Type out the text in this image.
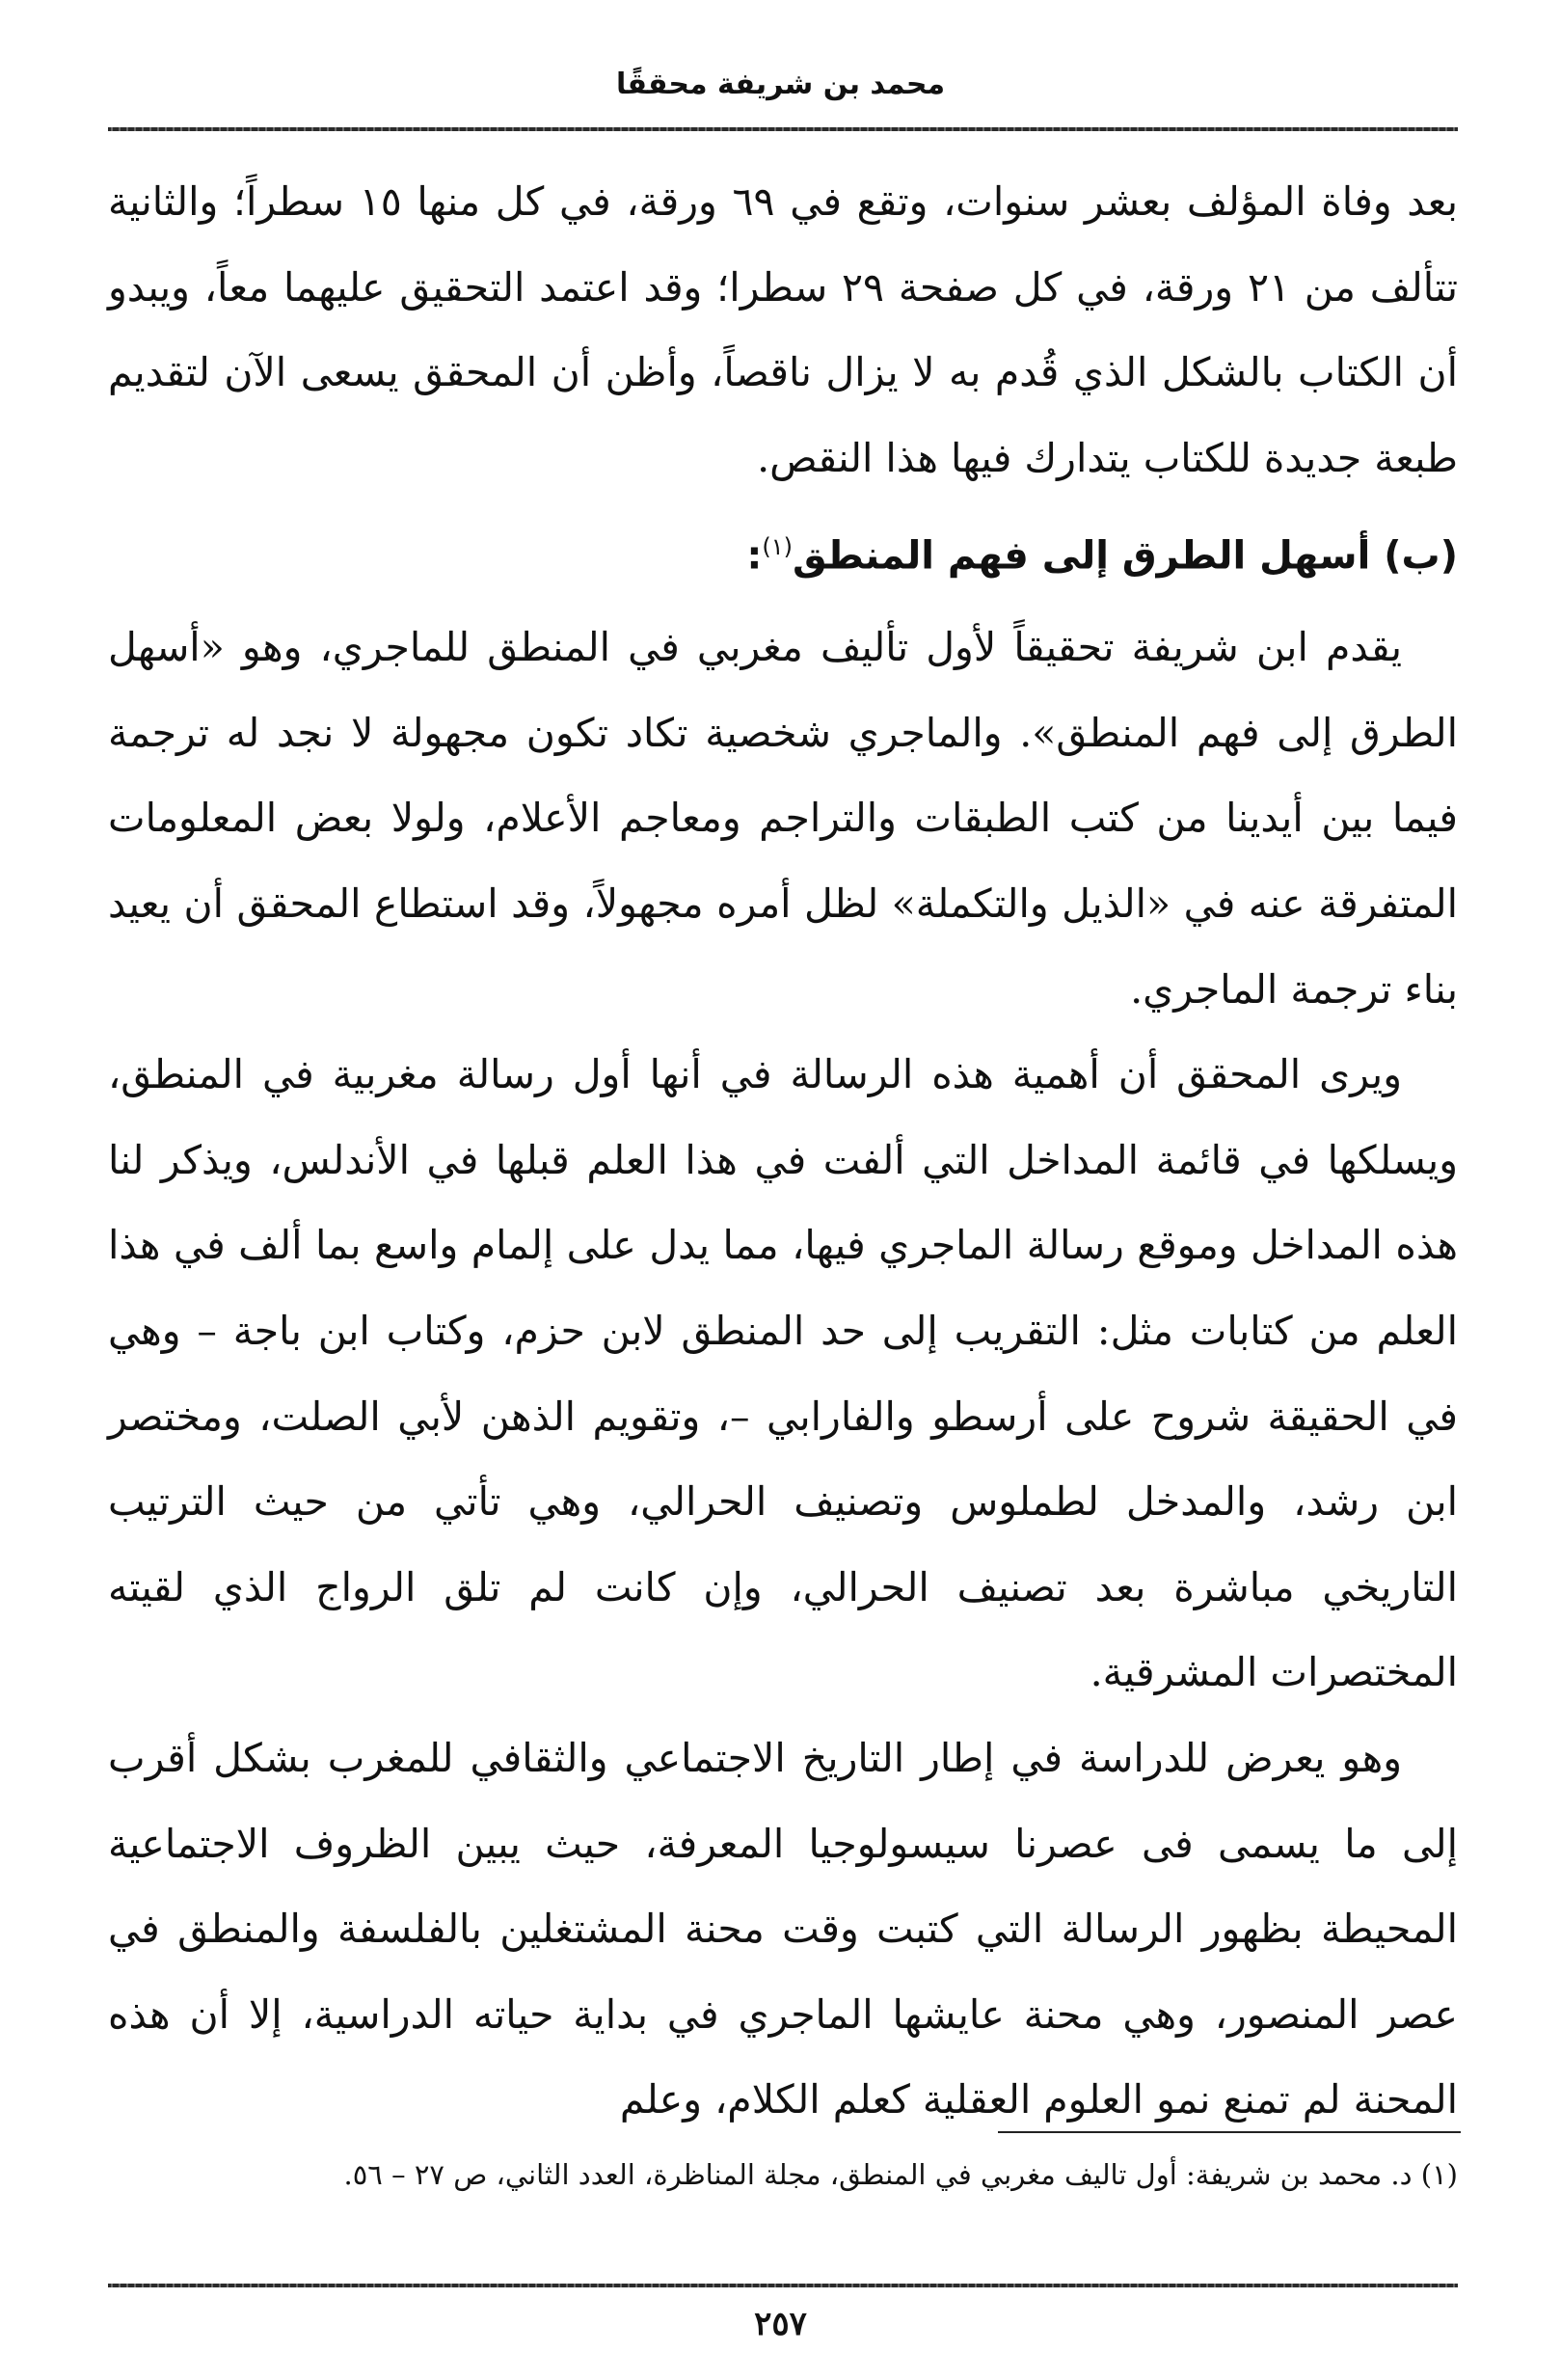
محمد بن شريفة محققًا

بعد وفاة المؤلف بعشر سنوات، وتقع في ٦٩ ورقة، في كل منها ١٥ سطراً؛ والثانية تتألف من ٢١ ورقة، في كل صفحة ٢٩ سطرا؛ وقد اعتمد التحقيق عليهما معاً، ويبدو أن الكتاب بالشكل الذي قُدم به لا يزال ناقصاً، وأظن أن المحقق يسعى الآن لتقديم طبعة جديدة للكتاب يتدارك فيها هذا النقص.

(ب) أسهل الطرق إلى فهم المنطق$^{(١)}$:

يقدم ابن شريفة تحقيقاً لأول تأليف مغربي في المنطق للماجري، وهو «أسهل الطرق إلى فهم المنطق». والماجري شخصية تكاد تكون مجهولة لا نجد له ترجمة فيما بين أيدينا من كتب الطبقات والتراجم ومعاجم الأعلام، ولولا بعض المعلومات المتفرقة عنه في «الذيل والتكملة» لظل أمره مجهولاً، وقد استطاع المحقق أن يعيد بناء ترجمة الماجري.

ويرى المحقق أن أهمية هذه الرسالة في أنها أول رسالة مغربية في المنطق، ويسلكها في قائمة المداخل التي ألفت في هذا العلم قبلها في الأندلس، ويذكر لنا هذه المداخل وموقع رسالة الماجري فيها، مما يدل على إلمام واسع بما ألف في هذا العلم من كتابات مثل: التقريب إلى حد المنطق لابن حزم، وكتاب ابن باجة – وهي في الحقيقة شروح على أرسطو والفارابي –، وتقويم الذهن لأبي الصلت، ومختصر ابن رشد، والمدخل لطملوس وتصنيف الحرالي، وهي تأتي من حيث الترتيب التاريخي مباشرة بعد تصنيف الحرالي، وإن كانت لم تلق الرواج الذي لقيته المختصرات المشرقية.

وهو يعرض للدراسة في إطار التاريخ الاجتماعي والثقافي للمغرب بشكل أقرب إلى ما يسمى فى عصرنا سيسولوجيا المعرفة، حيث يبين الظروف الاجتماعية المحيطة بظهور الرسالة التي كتبت وقت محنة المشتغلين بالفلسفة والمنطق في عصر المنصور، وهي محنة عايشها الماجري في بداية حياته الدراسية، إلا أن هذه المحنة لم تمنع نمو العلوم العقلية كعلم الكلام، وعلم

(١) د. محمد بن شريفة: أول تاليف مغربي في المنطق، مجلة المناظرة، العدد الثاني، ص ٢٧ – ٥٦.
٢٥٧
